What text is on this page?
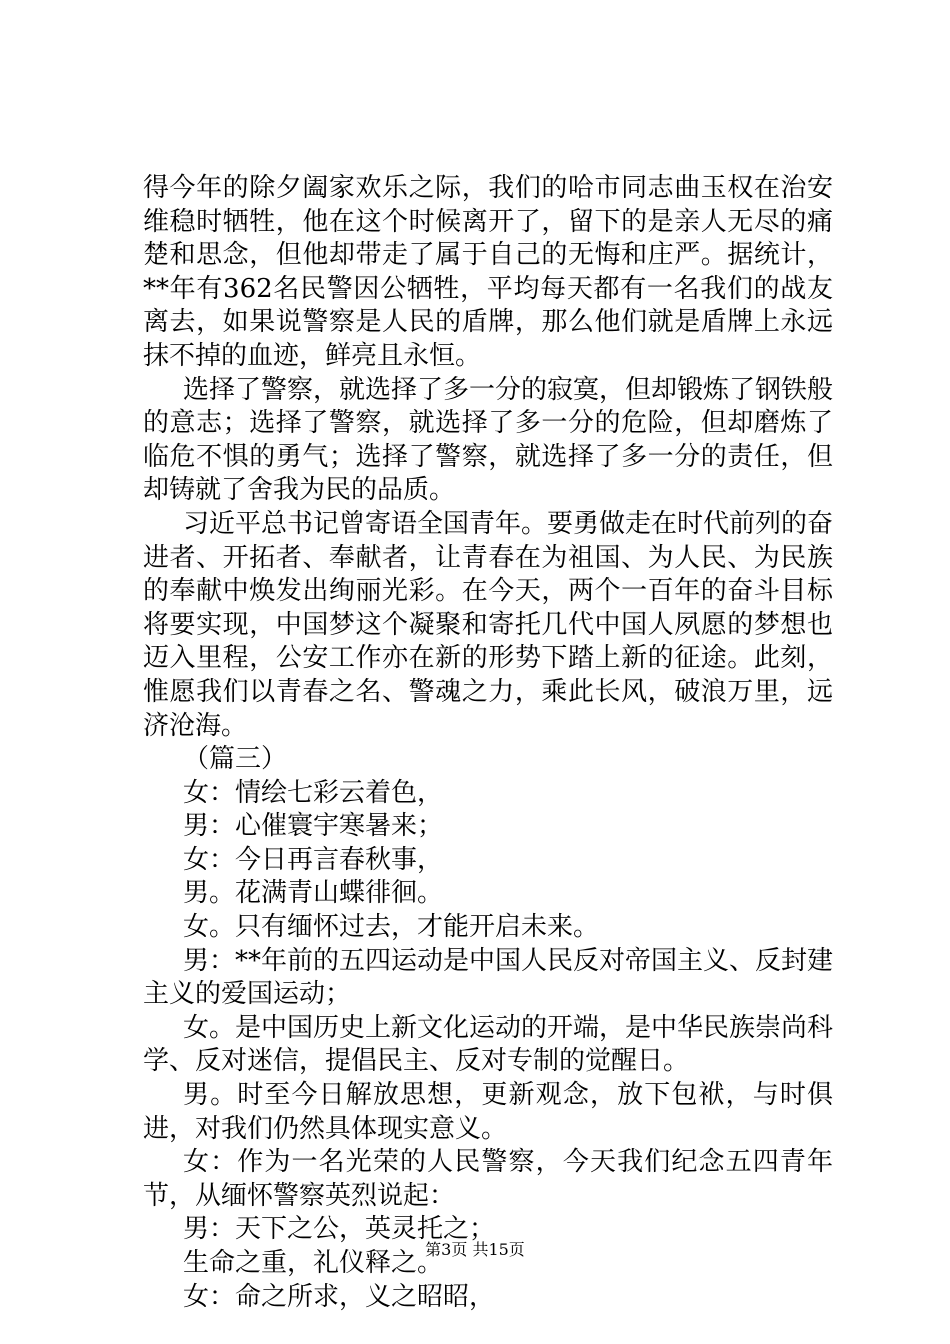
得今年的除夕阖家欢乐之际，我们的哈市同志曲玉权在治安维稳时牺牲，他在这个时候离开了，留下的是亲人无尽的痛楚和思念，但他却带走了属于自己的无悔和庄严。据统计，**年有362名民警因公牺牲，平均每天都有一名我们的战友离去，如果说警察是人民的盾牌，那么他们就是盾牌上永远抹不掉的血迹，鲜亮且永恒。

选择了警察，就选择了多一分的寂寞，但却锻炼了钢铁般的意志；选择了警察，就选择了多一分的危险，但却磨炼了临危不惧的勇气；选择了警察，就选择了多一分的责任，但却铸就了舍我为民的品质。

习近平总书记曾寄语全国青年。要勇做走在时代前列的奋进者、开拓者、奉献者，让青春在为祖国、为人民、为民族的奉献中焕发出绚丽光彩。在今天，两个一百年的奋斗目标将要实现，中国梦这个凝聚和寄托几代中国人夙愿的梦想也迈入里程，公安工作亦在新的形势下踏上新的征途。此刻，惟愿我们以青春之名、警魂之力，乘此长风，破浪万里，远济沧海。

（篇三）

女：情绘七彩云着色，

男：心催寰宇寒暑来；

女：今日再言春秋事，

男。花满青山蝶徘徊。

女。只有缅怀过去，才能开启未来。

男：**年前的五四运动是中国人民反对帝国主义、反封建主义的爱国运动；

女。是中国历史上新文化运动的开端，是中华民族崇尚科学、反对迷信，提倡民主、反对专制的觉醒日。

男。时至今日解放思想，更新观念，放下包袱，与时俱进，对我们仍然具体现实意义。

女：作为一名光荣的人民警察，今天我们纪念五四青年节，从缅怀警察英烈说起：

男：天下之公，英灵托之；

生命之重，礼仪释之。

女：命之所求，义之昭昭，

第3页 共15页
